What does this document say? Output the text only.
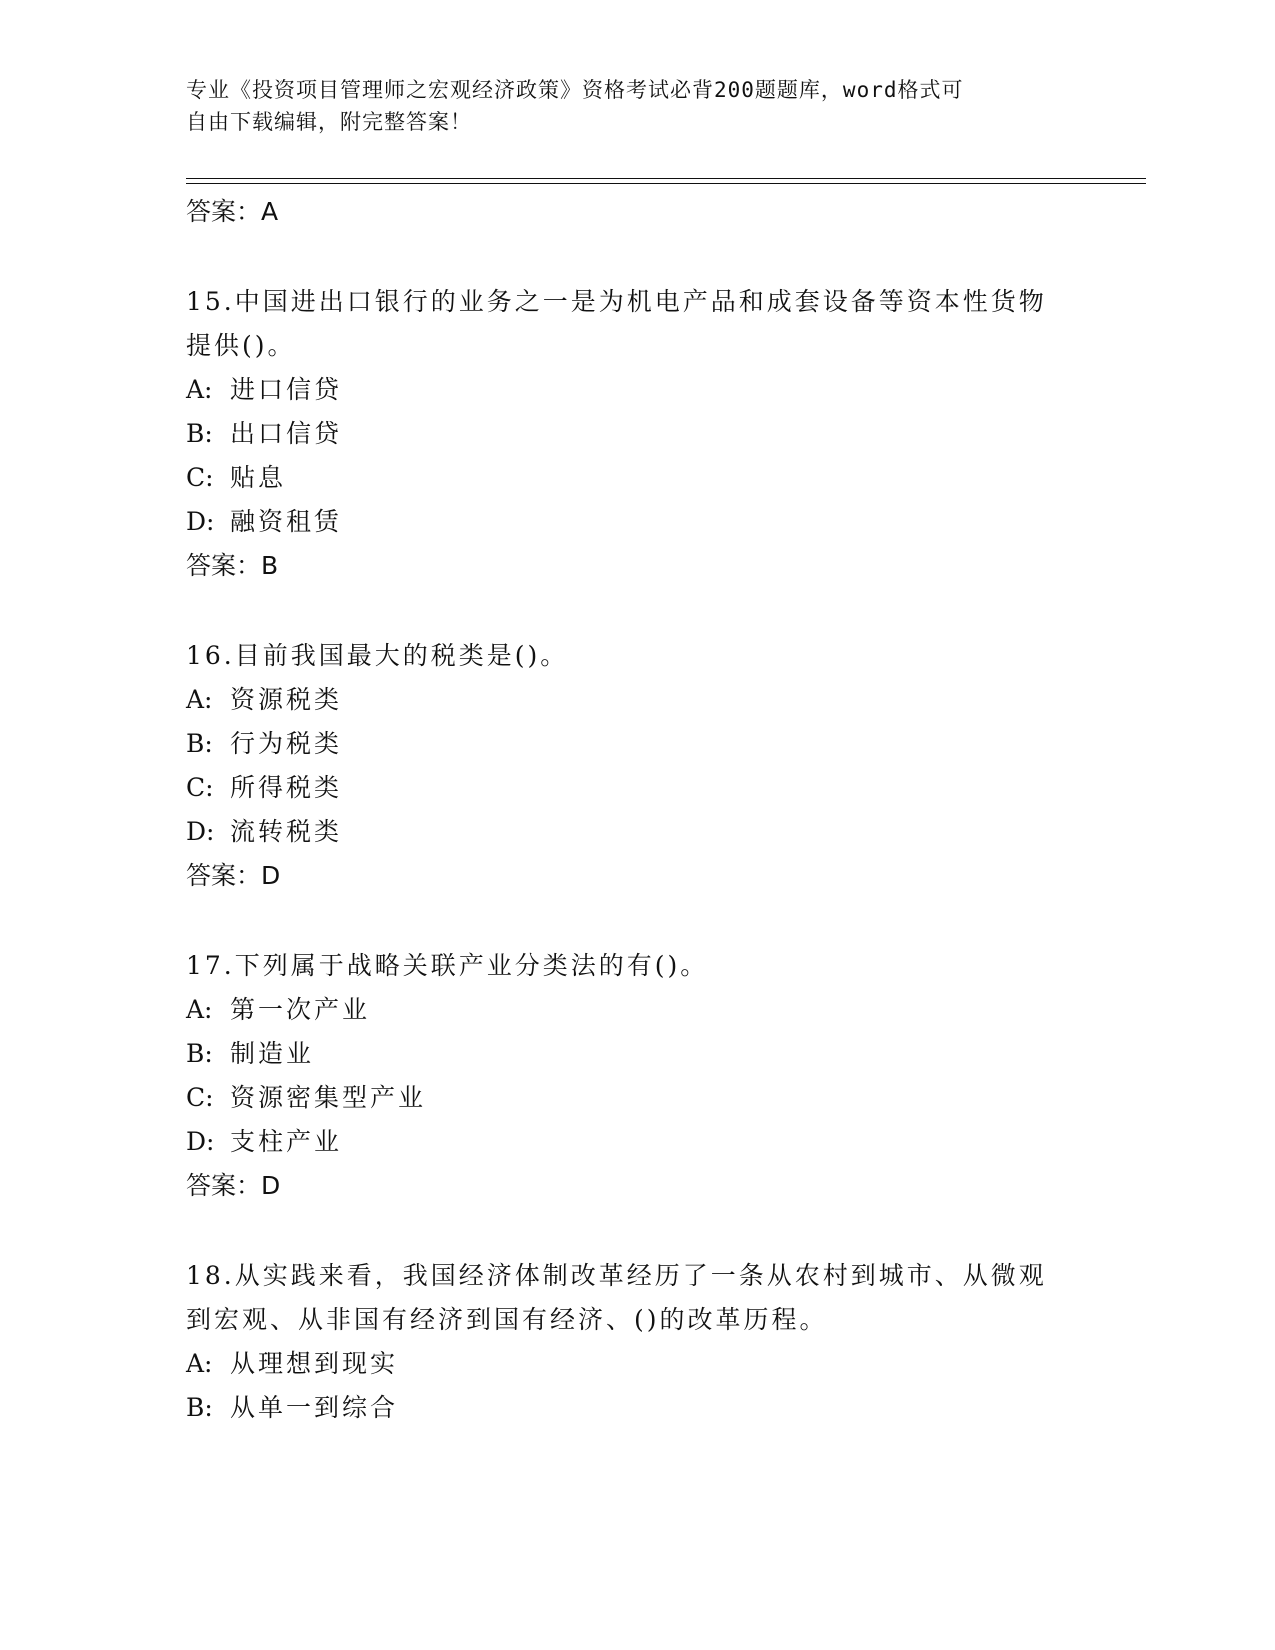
专业《投资项目管理师之宏观经济政策》资格考试必背200题题库，word格式可
自由下载编辑，附完整答案！
答案：A
15.中国进出口银行的业务之一是为机电产品和成套设备等资本性货物
提供()。
A: 进口信贷
B: 出口信贷
C: 贴息
D: 融资租赁
答案：B
16.目前我国最大的税类是()。
A: 资源税类
B: 行为税类
C: 所得税类
D: 流转税类
答案：D
17.下列属于战略关联产业分类法的有()。
A: 第一次产业
B: 制造业
C: 资源密集型产业
D: 支柱产业
答案：D
18.从实践来看，我国经济体制改革经历了一条从农村到城市、从微观
到宏观、从非国有经济到国有经济、()的改革历程。
A: 从理想到现实
B: 从单一到综合
